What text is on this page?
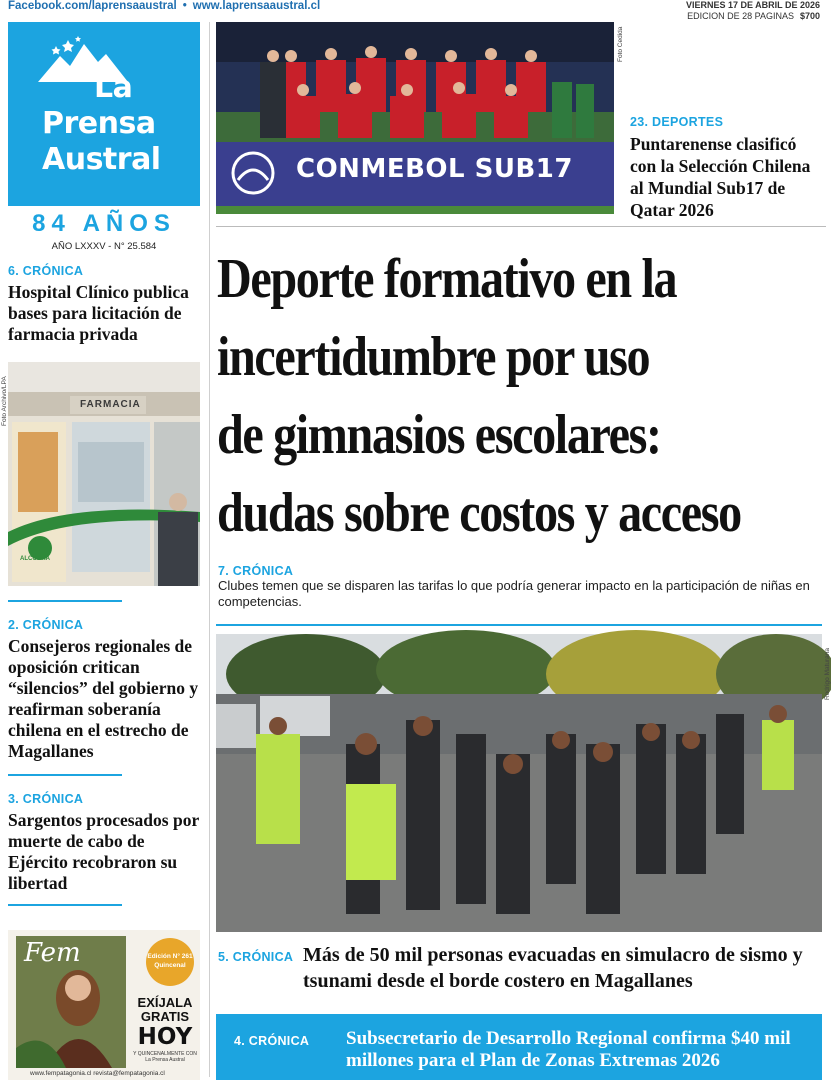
Facebook.com/laprensaaustral • www.laprensaaustral.cl	VIERNES 17 DE ABRIL DE 2026
EDICION DE 28 PAGINAS $700
La
Prensa
Austral
84 AÑOS
AÑO LXXXV - N° 25.584
6. CRÓNICA
Hospital Clínico publica bases para licitación de farmacia privada
Foto Archivo/LPA	FARMACIA
ALCOBRA
2. CRÓNICA
Consejeros regionales de oposición critican “silencios” del gobierno y reafirman soberanía chilena en el estrecho de Magallanes
3. CRÓNICA
Sargentos procesados por muerte de cabo de Ejército recobraron su libertad
Fem	Edición N° 261 Quincenal
EXÍJALA
GRATIS
HOY
Y QUINCENALMENTE CON La Prensa Austral
www.fempatagonia.cl revista@fempatagonia.cl
CONMEBOL SUB17
Foto Cedida
23. DEPORTES
Puntarenense clasificó con la Selección Chilena al Mundial Sub17 de Qatar 2026
Deporte formativo en la
incertidumbre por uso
de gimnasios escolares:
dudas sobre costos y acceso
7. CRÓNICA
Clubes temen que se disparen las tarifas lo que podría generar impacto en la participación de niñas en competencias.
Rodrigo Maturana
5. CRÓNICA Más de 50 mil personas evacuadas en simulacro de sismo y tsunami desde el borde costero en Magallanes
4. CRÓNICA Subsecretario de Desarrollo Regional confirma $40 mil millones para el Plan de Zonas Extremas 2026
